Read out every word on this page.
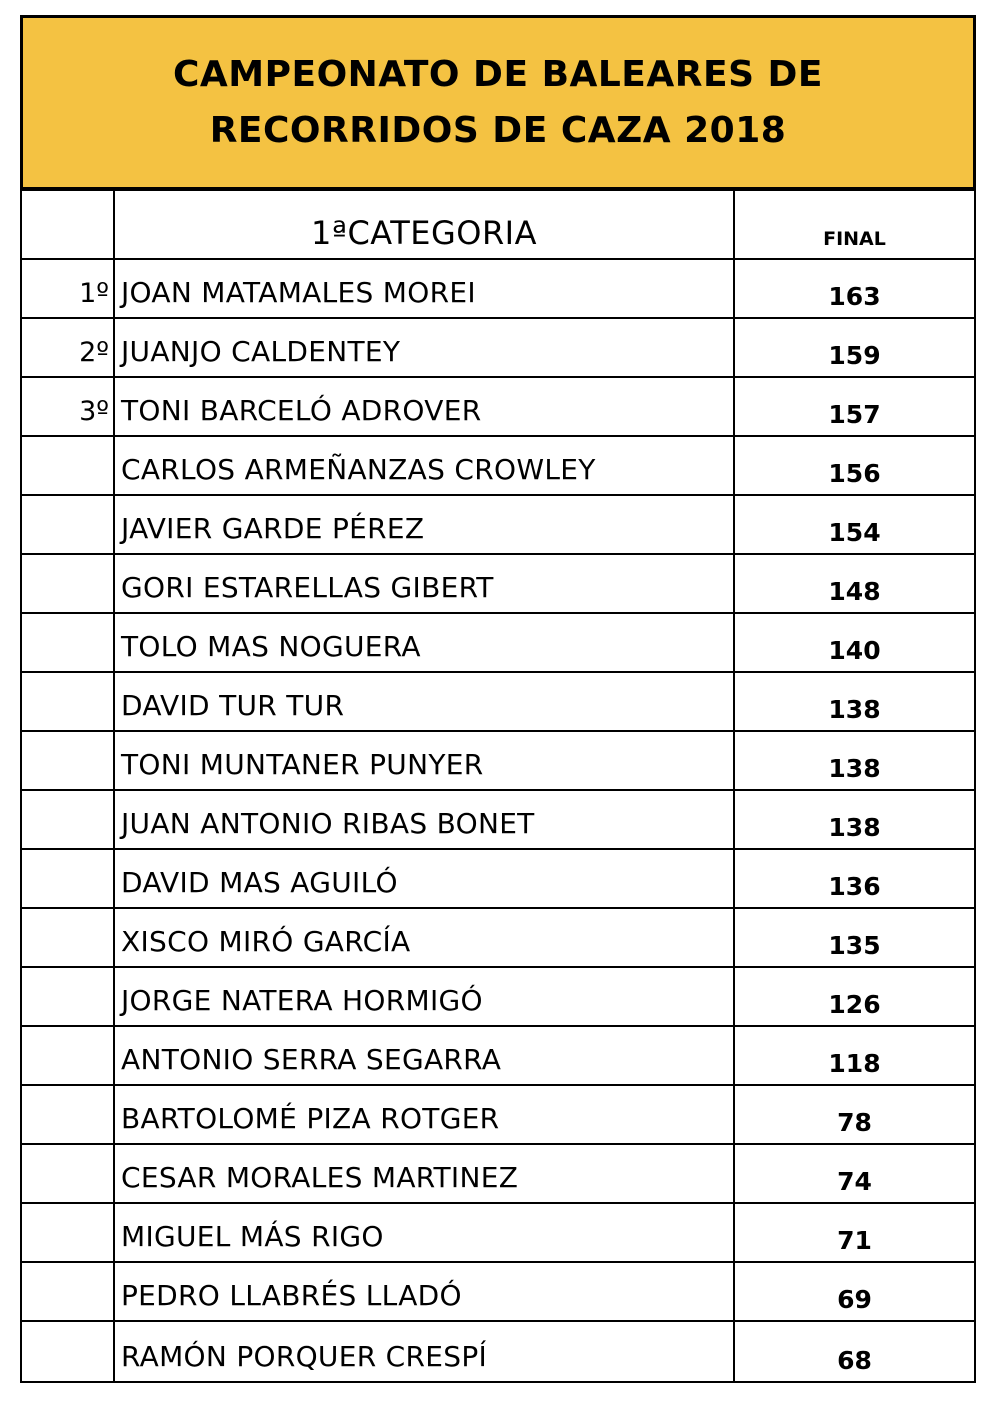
CAMPEONATO DE BALEARES DE RECORRIDOS DE CAZA 2018
1ªCATEGORIA	FINAL
1º JOAN MATAMALES MOREI	163
2º JUANJO CALDENTEY	159
3º TONI BARCELÓ ADROVER	157
CARLOS ARMEÑANZAS CROWLEY	156
JAVIER GARDE PÉREZ	154
GORI ESTARELLAS GIBERT	148
TOLO MAS NOGUERA	140
DAVID TUR TUR	138
TONI MUNTANER PUNYER	138
JUAN ANTONIO RIBAS BONET	138
DAVID MAS AGUILÓ	136
XISCO MIRÓ GARCÍA	135
JORGE NATERA HORMIGÓ	126
ANTONIO SERRA SEGARRA	118
BARTOLOMÉ PIZA ROTGER	78
CESAR MORALES MARTINEZ	74
MIGUEL MÁS RIGO	71
PEDRO LLABRÉS LLADÓ	69
RAMÓN PORQUER CRESPÍ	68
